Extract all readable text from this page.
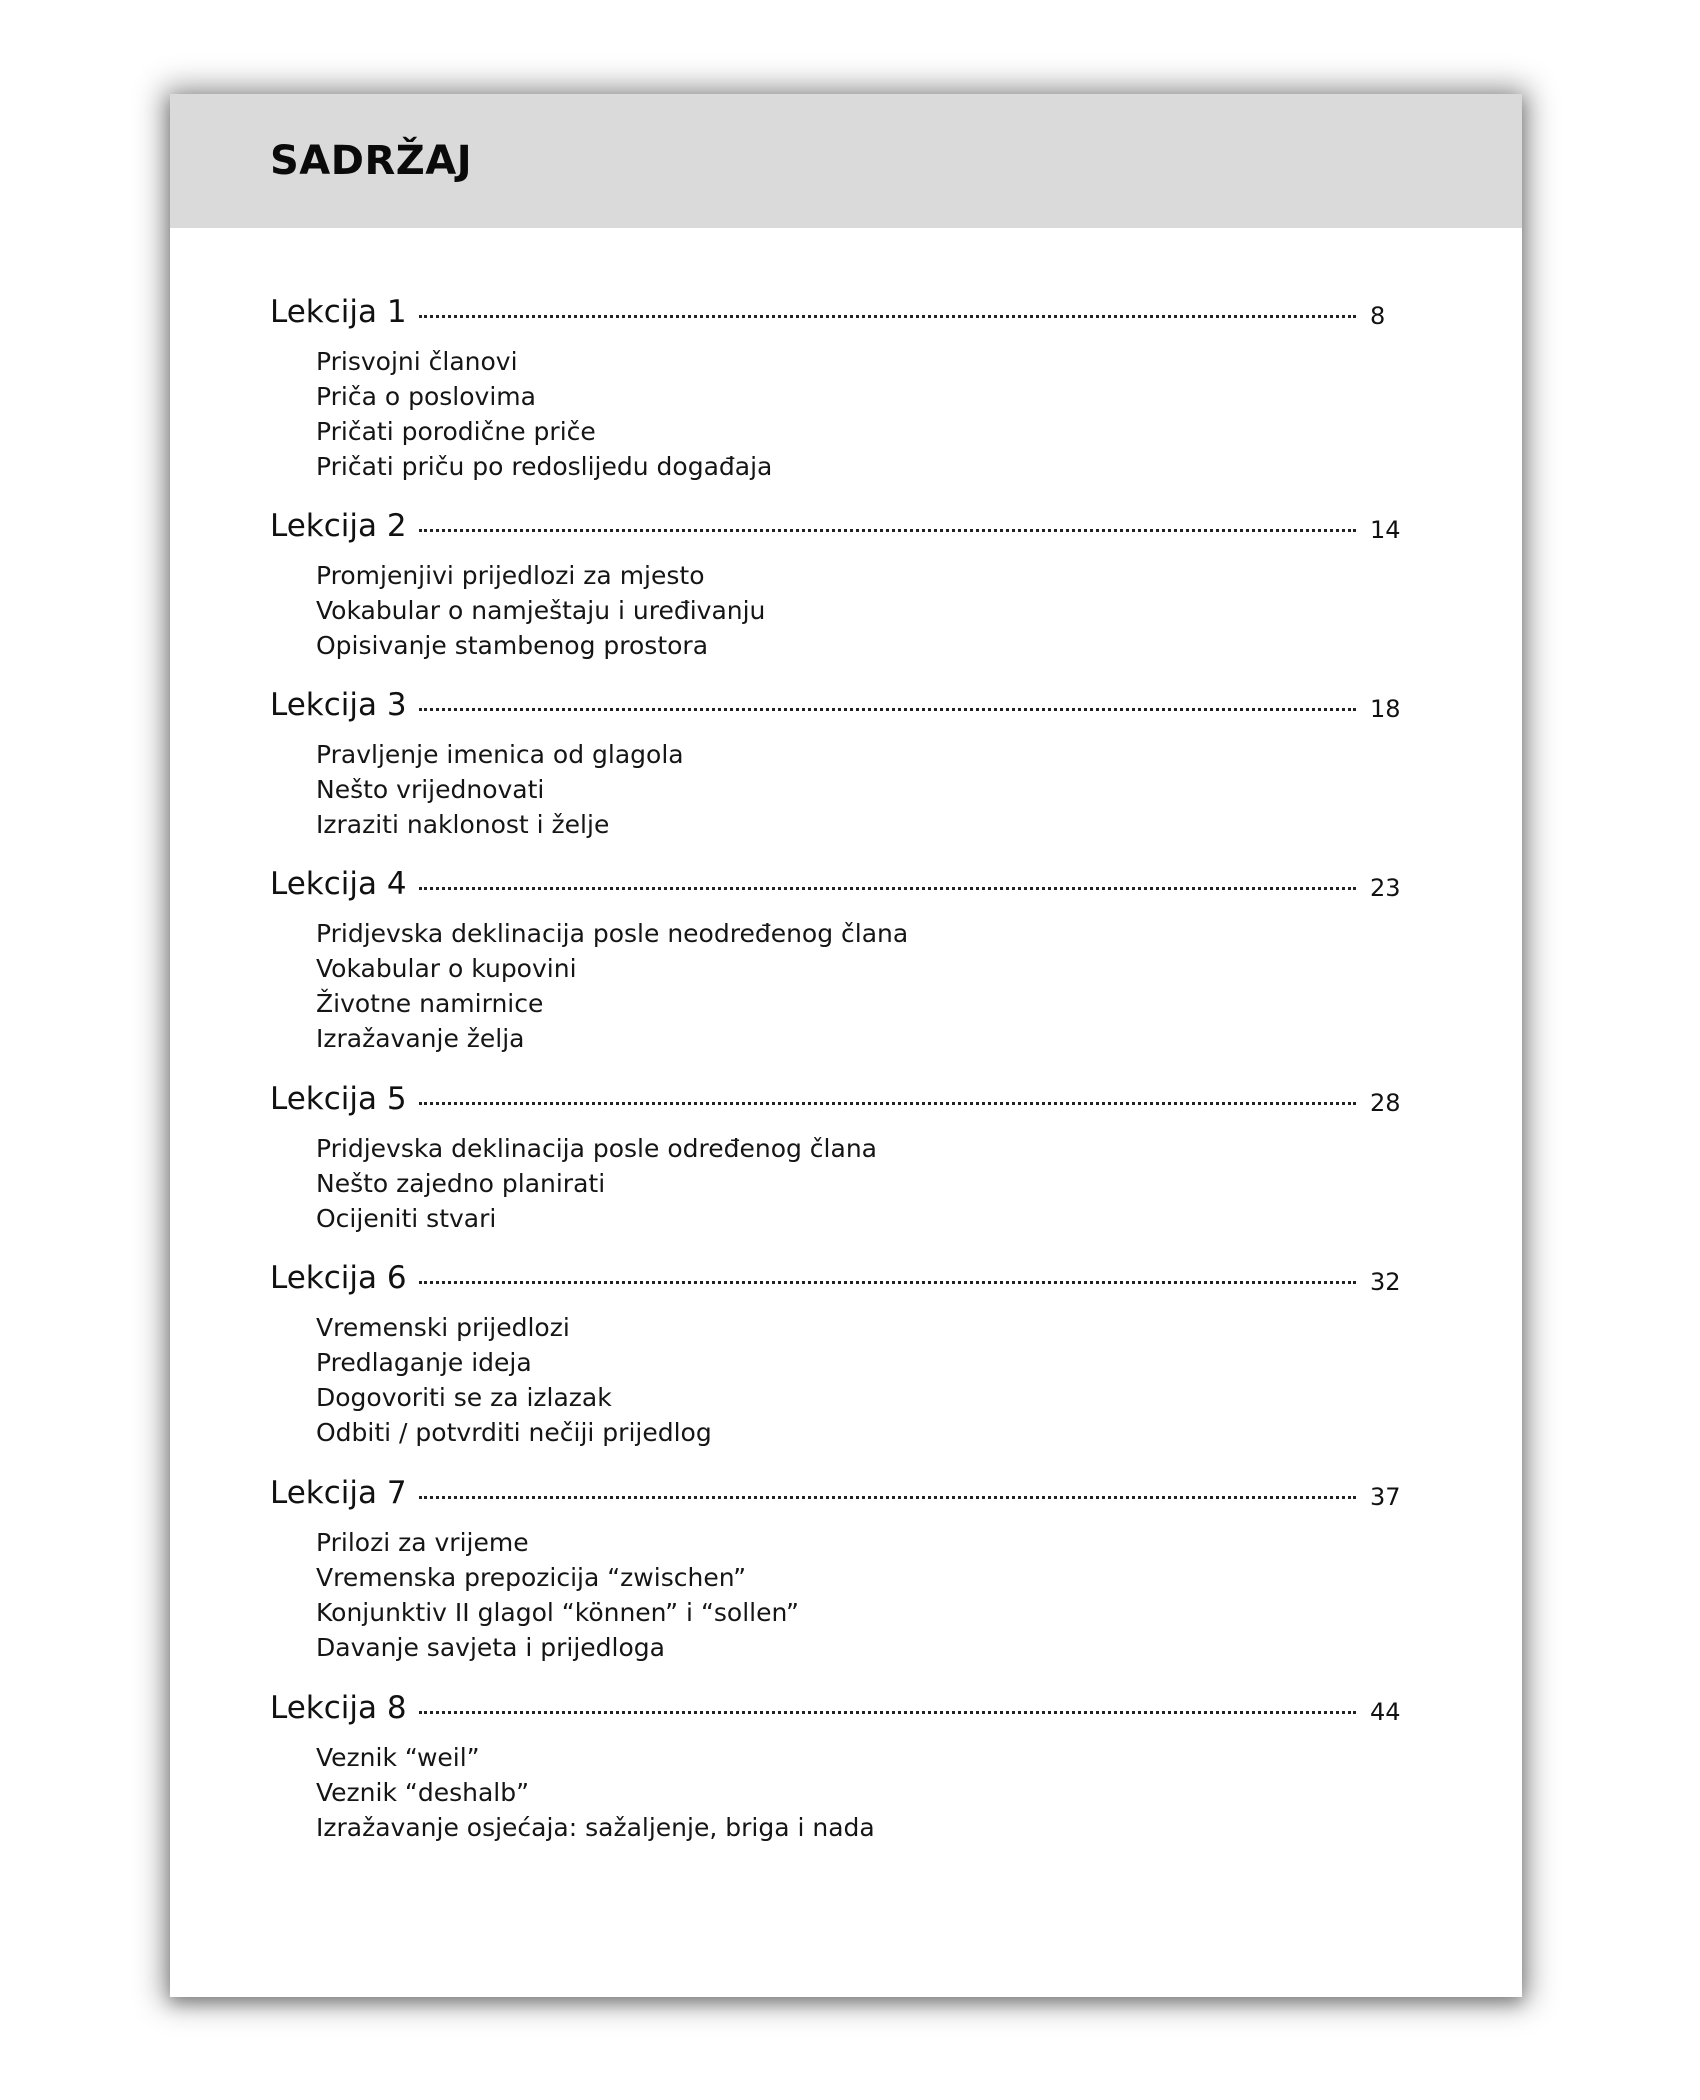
SADRŽAJ
Lekcija 1	8
Prisvojni članovi
Priča o poslovima
Pričati porodične priče
Pričati priču po redoslijedu događaja
Lekcija 2	14
Promjenjivi prijedlozi za mjesto
Vokabular o namještaju i uređivanju
Opisivanje stambenog prostora
Lekcija 3	18
Pravljenje imenica od glagola
Nešto vrijednovati
Izraziti naklonost i želje
Lekcija 4	23
Pridjevska deklinacija posle neodređenog člana
Vokabular o kupovini
Životne namirnice
Izražavanje želja
Lekcija 5	28
Pridjevska deklinacija posle određenog člana
Nešto zajedno planirati
Ocijeniti stvari
Lekcija 6	32
Vremenski prijedlozi
Predlaganje ideja
Dogovoriti se za izlazak
Odbiti / potvrditi nečiji prijedlog
Lekcija 7	37
Prilozi za vrijeme
Vremenska prepozicija “zwischen”
Konjunktiv II glagol “können” i “sollen”
Davanje savjeta i prijedloga
Lekcija 8	44
Veznik “weil”
Veznik “deshalb”
Izražavanje osjećaja: sažaljenje, briga i nada
